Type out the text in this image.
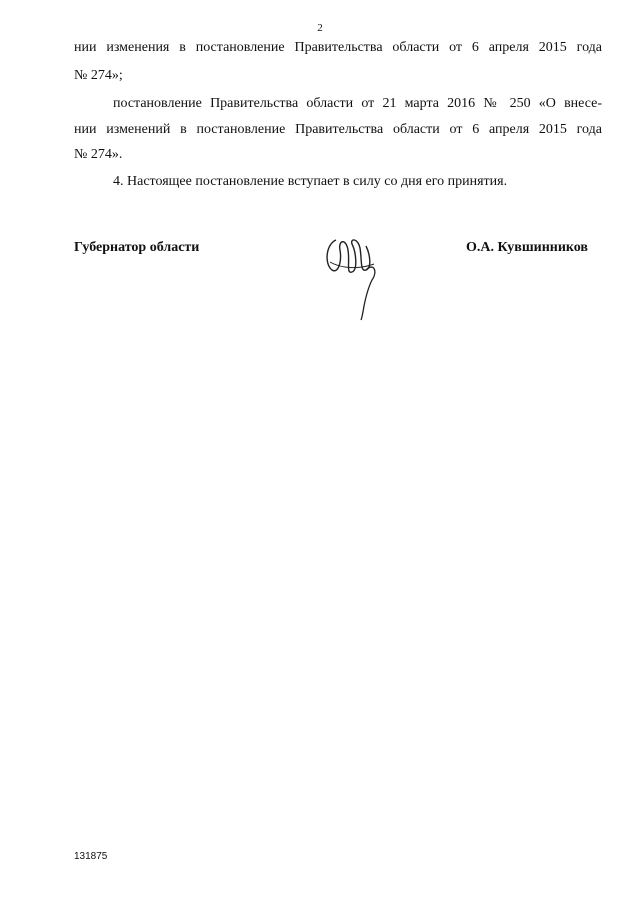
2
нии изменения в постановление Правительства области от 6 апреля 2015 года
№ 274»;
постановление Правительства области от 21 марта 2016 № 250 «О внесе-
нии изменений в постановление Правительства области от 6 апреля 2015 года
№ 274».
4. Настоящее постановление вступает в силу со дня его принятия.
Губернатор области	О.А. Кувшинников
131875
